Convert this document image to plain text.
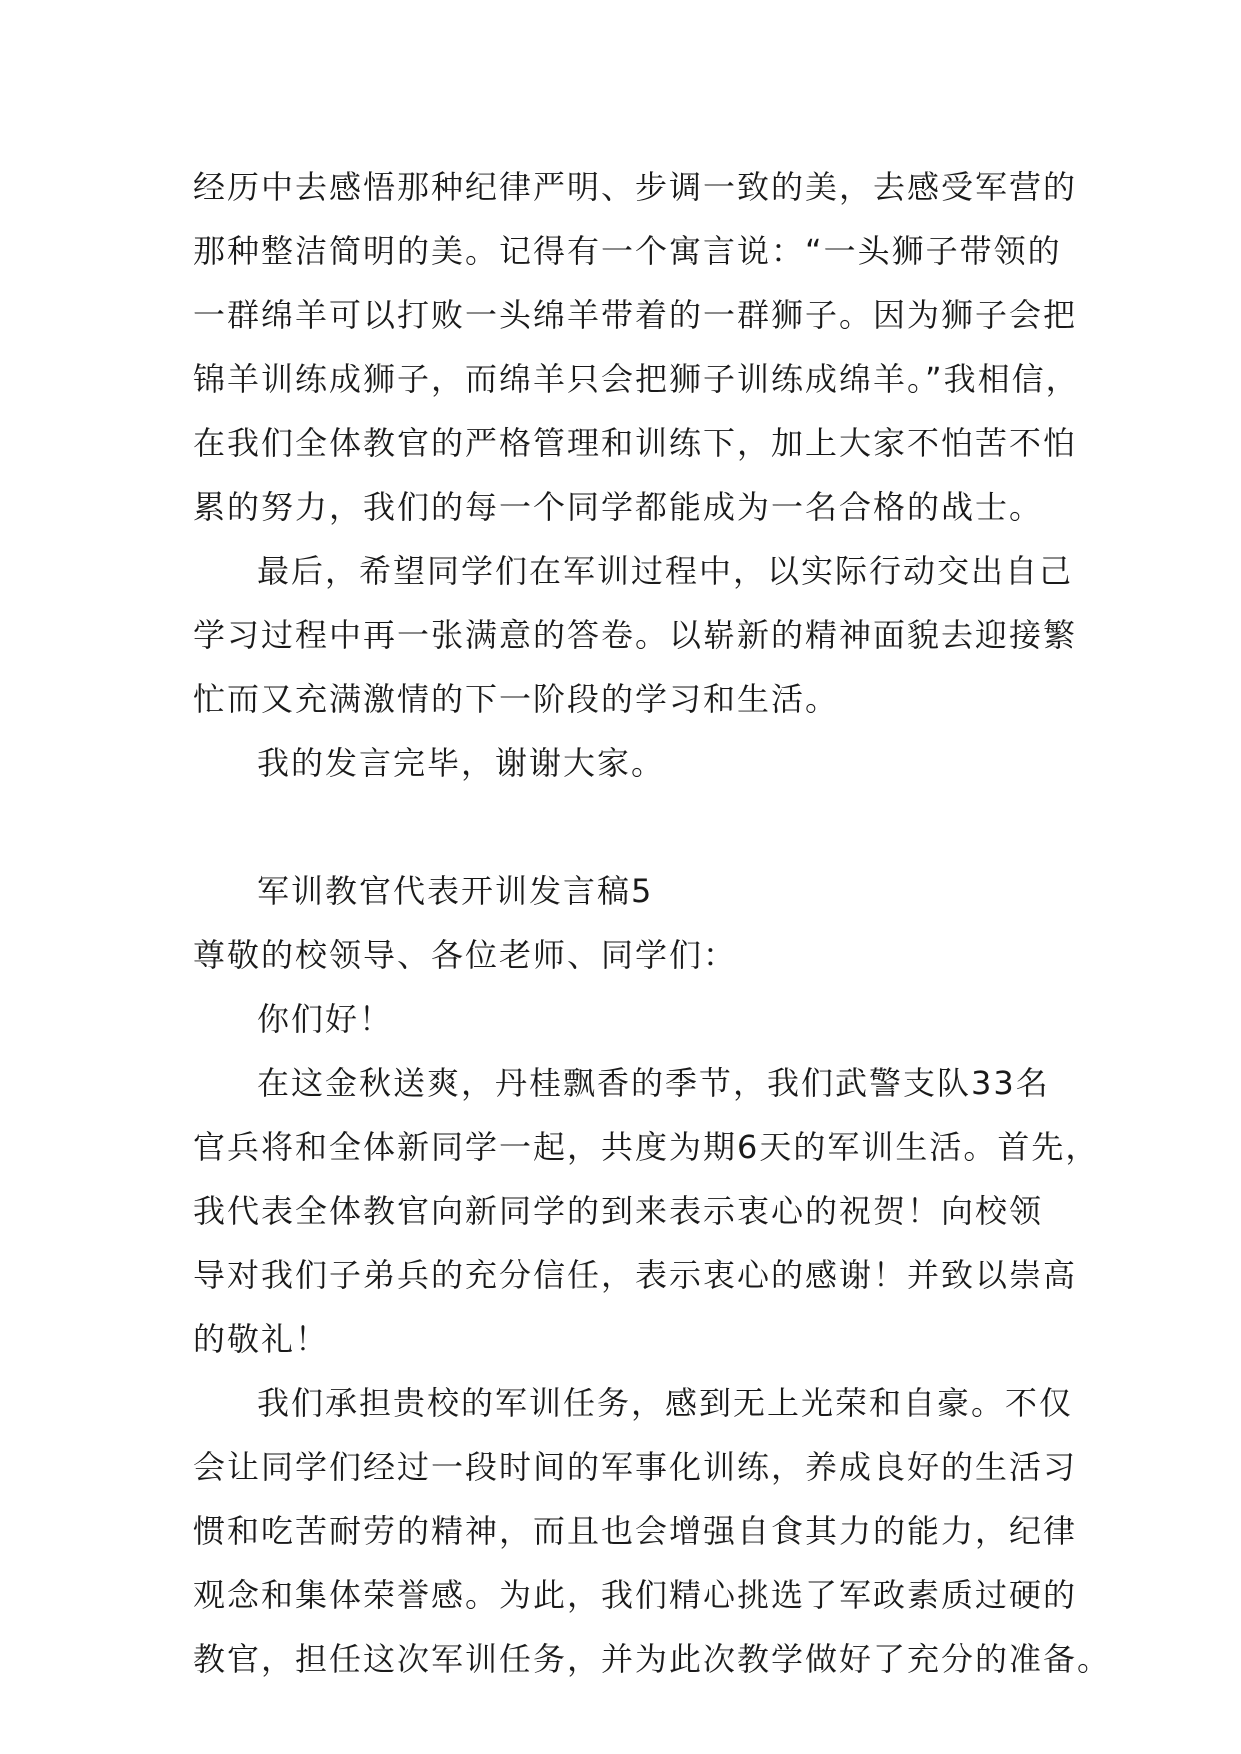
经历中去感悟那种纪律严明、步调一致的美，去感受军营的
那种整洁简明的美。记得有一个寓言说：“一头狮子带领的
一群绵羊可以打败一头绵羊带着的一群狮子。因为狮子会把
锦羊训练成狮子，而绵羊只会把狮子训练成绵羊。”我相信，
在我们全体教官的严格管理和训练下，加上大家不怕苦不怕
累的努力，我们的每一个同学都能成为一名合格的战士。
最后，希望同学们在军训过程中，以实际行动交出自己
学习过程中再一张满意的答卷。以崭新的精神面貌去迎接繁
忙而又充满激情的下一阶段的学习和生活。
我的发言完毕，谢谢大家。
军训教官代表开训发言稿5
尊敬的校领导、各位老师、同学们：
你们好！
在这金秋送爽，丹桂飘香的季节，我们武警支队33名
官兵将和全体新同学一起，共度为期6天的军训生活。首先，
我代表全体教官向新同学的到来表示衷心的祝贺！向校领
导对我们子弟兵的充分信任，表示衷心的感谢！并致以崇高
的敬礼！
我们承担贵校的军训任务，感到无上光荣和自豪。不仅
会让同学们经过一段时间的军事化训练，养成良好的生活习
惯和吃苦耐劳的精神，而且也会增强自食其力的能力，纪律
观念和集体荣誉感。为此，我们精心挑选了军政素质过硬的
教官，担任这次军训任务，并为此次教学做好了充分的准备。
